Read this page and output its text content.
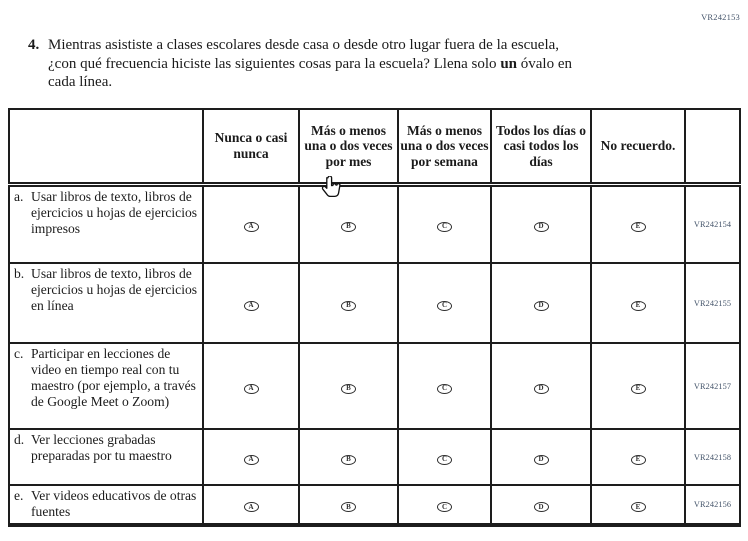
VR242153
4. Mientras asististe a clases escolares desde casa o desde otro lugar fuera de la escuela,
¿con qué frecuencia hiciste las siguientes cosas para la escuela? Llena solo un óvalo en
cada línea.
	Nunca o casi nunca	Más o menos una o dos veces por mes	Más o menos una o dos veces por semana	Todos los días o casi todos los días	No recuerdo.	

a. Usar libros de texto, libros de ejercicios u hojas de ejercicios impresos	A	B	C	D	E	VR242154

b. Usar libros de texto, libros de ejercicios u hojas de ejercicios en línea	A	B	C	D	E	VR242155

c. Participar en lecciones de video en tiempo real con tu maestro (por ejemplo, a través de Google Meet o Zoom)	A	B	C	D	E	VR242157

d. Ver lecciones grabadas preparadas por tu maestro	A	B	C	D	E	VR242158

e. Ver videos educativos de otras fuentes	A	B	C	D	E	VR242156
